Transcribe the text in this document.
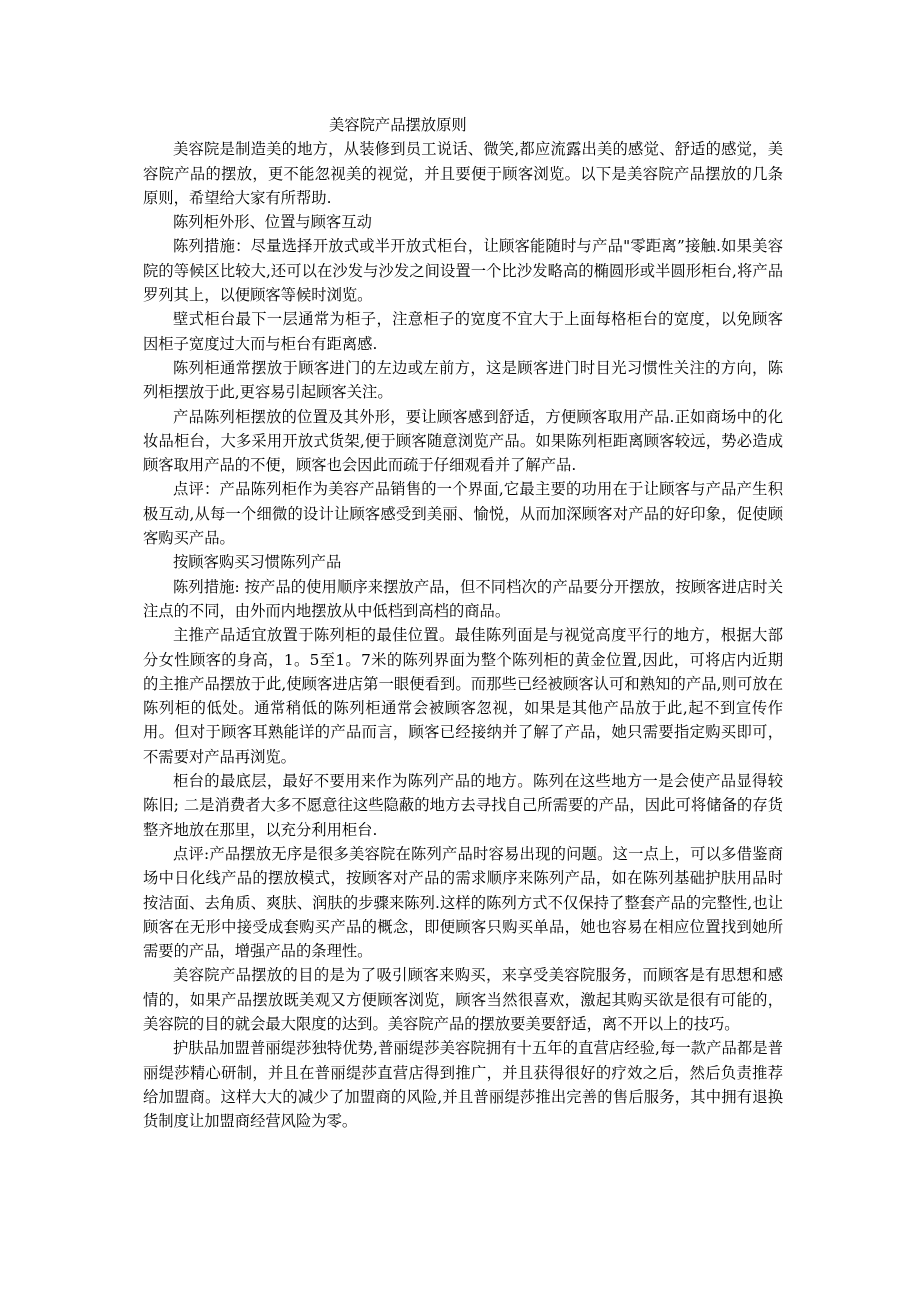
美容院产品摆放原则

美容院是制造美的地方，从装修到员工说话、微笑,都应流露出美的感觉、舒适的感觉，美容院产品的摆放，更不能忽视美的视觉，并且要便于顾客浏览。以下是美容院产品摆放的几条原则，希望给大家有所帮助.

陈列柜外形、位置与顾客互动

陈列措施：尽量选择开放式或半开放式柜台，让顾客能随时与产品"零距离”接触.如果美容院的等候区比较大,还可以在沙发与沙发之间设置一个比沙发略高的椭圆形或半圆形柜台,将产品罗列其上，以便顾客等候时浏览。

壁式柜台最下一层通常为柜子，注意柜子的宽度不宜大于上面每格柜台的宽度，以免顾客因柜子宽度过大而与柜台有距离感.

陈列柜通常摆放于顾客进门的左边或左前方，这是顾客进门时目光习惯性关注的方向，陈列柜摆放于此,更容易引起顾客关注。

产品陈列柜摆放的位置及其外形，要让顾客感到舒适，方便顾客取用产品.正如商场中的化妆品柜台，大多采用开放式货架,便于顾客随意浏览产品。如果陈列柜距离顾客较远，势必造成顾客取用产品的不便，顾客也会因此而疏于仔细观看并了解产品.

点评：产品陈列柜作为美容产品销售的一个界面,它最主要的功用在于让顾客与产品产生积极互动,从每一个细微的设计让顾客感受到美丽、愉悦，从而加深顾客对产品的好印象，促使顾客购买产品。

按顾客购买习惯陈列产品

陈列措施: 按产品的使用顺序来摆放产品，但不同档次的产品要分开摆放，按顾客进店时关注点的不同，由外而内地摆放从中低档到高档的商品。

主推产品适宜放置于陈列柜的最佳位置。最佳陈列面是与视觉高度平行的地方，根据大部分女性顾客的身高，1。5至1。7米的陈列界面为整个陈列柜的黄金位置,因此，可将店内近期的主推产品摆放于此,使顾客进店第一眼便看到。而那些已经被顾客认可和熟知的产品,则可放在陈列柜的低处。通常稍低的陈列柜通常会被顾客忽视，如果是其他产品放于此,起不到宣传作用。但对于顾客耳熟能详的产品而言，顾客已经接纳并了解了产品，她只需要指定购买即可，不需要对产品再浏览。

柜台的最底层，最好不要用来作为陈列产品的地方。陈列在这些地方一是会使产品显得较陈旧; 二是消费者大多不愿意往这些隐蔽的地方去寻找自己所需要的产品，因此可将储备的存货整齐地放在那里，以充分利用柜台.

点评:产品摆放无序是很多美容院在陈列产品时容易出现的问题。这一点上，可以多借鉴商场中日化线产品的摆放模式，按顾客对产品的需求顺序来陈列产品，如在陈列基础护肤用品时按洁面、去角质、爽肤、润肤的步骤来陈列.这样的陈列方式不仅保持了整套产品的完整性,也让顾客在无形中接受成套购买产品的概念，即便顾客只购买单品，她也容易在相应位置找到她所需要的产品，增强产品的条理性。

美容院产品摆放的目的是为了吸引顾客来购买，来享受美容院服务，而顾客是有思想和感情的，如果产品摆放既美观又方便顾客浏览，顾客当然很喜欢，激起其购买欲是很有可能的，美容院的目的就会最大限度的达到。美容院产品的摆放要美要舒适，离不开以上的技巧。

护肤品加盟普丽缇莎独特优势,普丽缇莎美容院拥有十五年的直营店经验,每一款产品都是普丽缇莎精心研制，并且在普丽缇莎直营店得到推广，并且获得很好的疗效之后，然后负责推荐给加盟商。这样大大的减少了加盟商的风险,并且普丽缇莎推出完善的售后服务，其中拥有退换货制度让加盟商经营风险为零。
